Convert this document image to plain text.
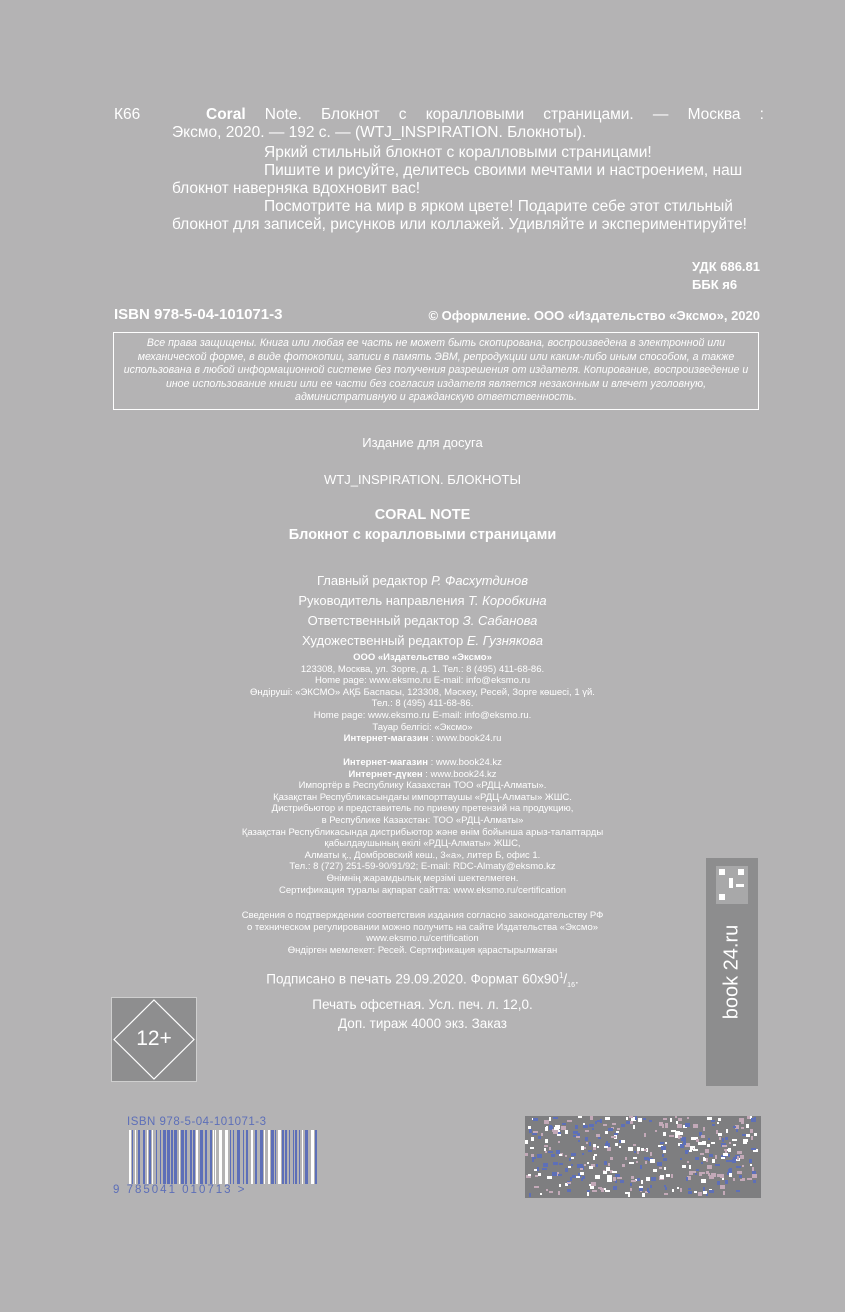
К66	Coral Note. Блокнот с коралловыми страницами. — Москва :

Эксмо, 2020. — 192 с. — (WTJ_INSPIRATION. Блокноты).

Яркий стильный блокнот с коралловыми страницами!

Пишите и рисуйте, делитесь своими мечтами и настроением, наш блокнот наверняка вдохновит вас!

Посмотрите на мир в ярком цвете! Подарите себе этот стильный блокнот для записей, рисунков или коллажей. Удивляйте и экспериментируйте!

УДК 686.81
ББК я6
ISBN 978-5-04-101071-3	© Оформление. ООО «Издательство «Эксмо», 2020
Все права защищены. Книга или любая ее часть не может быть скопирована, воспроизведена в электронной или механической форме, в виде фотокопии, записи в память ЭВМ, репродукции или каким-либо иным способом, а также использована в любой информационной системе без получения разрешения от издателя. Копирование, воспроизведение и иное использование книги или ее части без согласия издателя является незаконным и влечет уголовную, административную и гражданскую ответственность.
Издание для досуга
WTJ_INSPIRATION. БЛОКНОТЫ
CORAL NOTE
Блокнот с коралловыми страницами
Главный редактор Р. Фасхутдинов
Руководитель направления Т. Коробкина
Ответственный редактор З. Сабанова
Художественный редактор Е. Гузнякова
ООО «Издательство «Эксмо»
123308, Москва, ул. Зорге, д. 1. Тел.: 8 (495) 411-68-86.
Home page: www.eksmo.ru E-mail: info@eksmo.ru
Өндіруші: «ЭКСМО» АҚБ Баспасы, 123308, Мәскеу, Ресей, Зорге көшесі, 1 үй.
Тел.: 8 (495) 411-68-86.
Home page: www.eksmo.ru E-mail: info@eksmo.ru.
Тауар белгісі: «Эксмо»
Интернет-магазин : www.book24.ru
Интернет-магазин : www.book24.kz
Интернет-дүкен : www.book24.kz
Импортёр в Республику Казахстан ТОО «РДЦ-Алматы».
Қазақстан Республикасындағы импорттаушы «РДЦ-Алматы» ЖШС.
Дистрибьютор и представитель по приему претензий на продукцию,
в Республике Казахстан: ТОО «РДЦ-Алматы»
Қазақстан Республикасында дистрибьютор және өнім бойынша арыз-талаптарды
қабылдаушының өкілі «РДЦ-Алматы» ЖШС,
Алматы қ., Домбровский көш., 3«а», литер Б, офис 1.
Тел.: 8 (727) 251-59-90/91/92; E-mail: RDC-Almaty@eksmo.kz
Өнімнің жарамдылық мерзімі шектелмеген.
Сертификация туралы ақпарат сайтта: www.eksmo.ru/certification
Сведения о подтверждении соответствия издания согласно законодательству РФ
о техническом регулировании можно получить на сайте Издательства «Эксмо»
www.eksmo.ru/certification
Өндірген мемлекет: Ресей. Сертификация қарастырылмаған
Подписано в печать 29.09.2020. Формат $60x90^1/_{16}$.
Печать офсетная. Усл. печ. л. 12,0.
Доп. тираж 4000 экз. Заказ
12+
book 24.ru
ISBN 978-5-04-101071-3
9 785041 010713 >
